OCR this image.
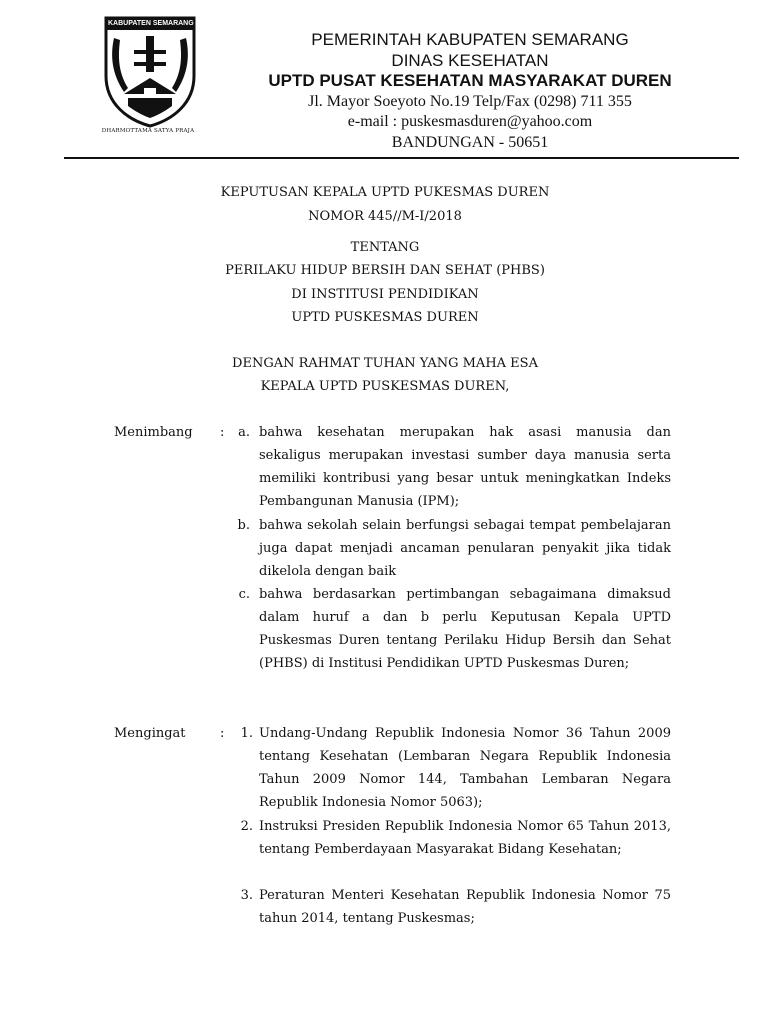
KABUPATEN SEMARANG
DHARMOTTAMA SATYA PRAJA
PEMERINTAH KABUPATEN SEMARANG
DINAS KESEHATAN
UPTD PUSAT KESEHATAN MASYARAKAT DUREN
Jl. Mayor Soeyoto No.19 Telp/Fax (0298) 711 355
e-mail : puskesmasduren@yahoo.com
BANDUNGAN - 50651
KEPUTUSAN KEPALA UPTD PUKESMAS DUREN
NOMOR 445//M-I/2018
TENTANG
PERILAKU HIDUP BERSIH DAN SEHAT (PHBS)
DI INSTITUSI PENDIDIKAN
UPTD PUSKESMAS DUREN
DENGAN RAHMAT TUHAN YANG MAHA ESA
KEPALA UPTD PUSKESMAS DUREN,
Menimbang :	a. bahwa kesehatan merupakan hak asasi manusia dan sekaligus merupakan investasi sumber daya manusia serta memiliki kontribusi yang besar untuk meningkatkan Indeks Pembangunan Manusia (IPM);
b. bahwa sekolah selain berfungsi sebagai tempat pembelajaran juga dapat menjadi ancaman penularan penyakit jika tidak dikelola dengan baik
c. bahwa berdasarkan pertimbangan sebagaimana dimaksud dalam huruf a dan b perlu Keputusan Kepala UPTD Puskesmas Duren tentang Perilaku Hidup Bersih dan Sehat (PHBS) di Institusi Pendidikan UPTD Puskesmas Duren;
Mengingat	:	1. Undang-Undang Republik Indonesia Nomor 36 Tahun 2009 tentang Kesehatan (Lembaran Negara Republik Indonesia Tahun 2009 Nomor 144, Tambahan Lembaran Negara Republik Indonesia Nomor 5063);
2. Instruksi Presiden Republik Indonesia Nomor 65 Tahun 2013, tentang Pemberdayaan Masyarakat Bidang Kesehatan;
3. Peraturan Menteri Kesehatan Republik Indonesia Nomor 75 tahun 2014, tentang Puskesmas;
